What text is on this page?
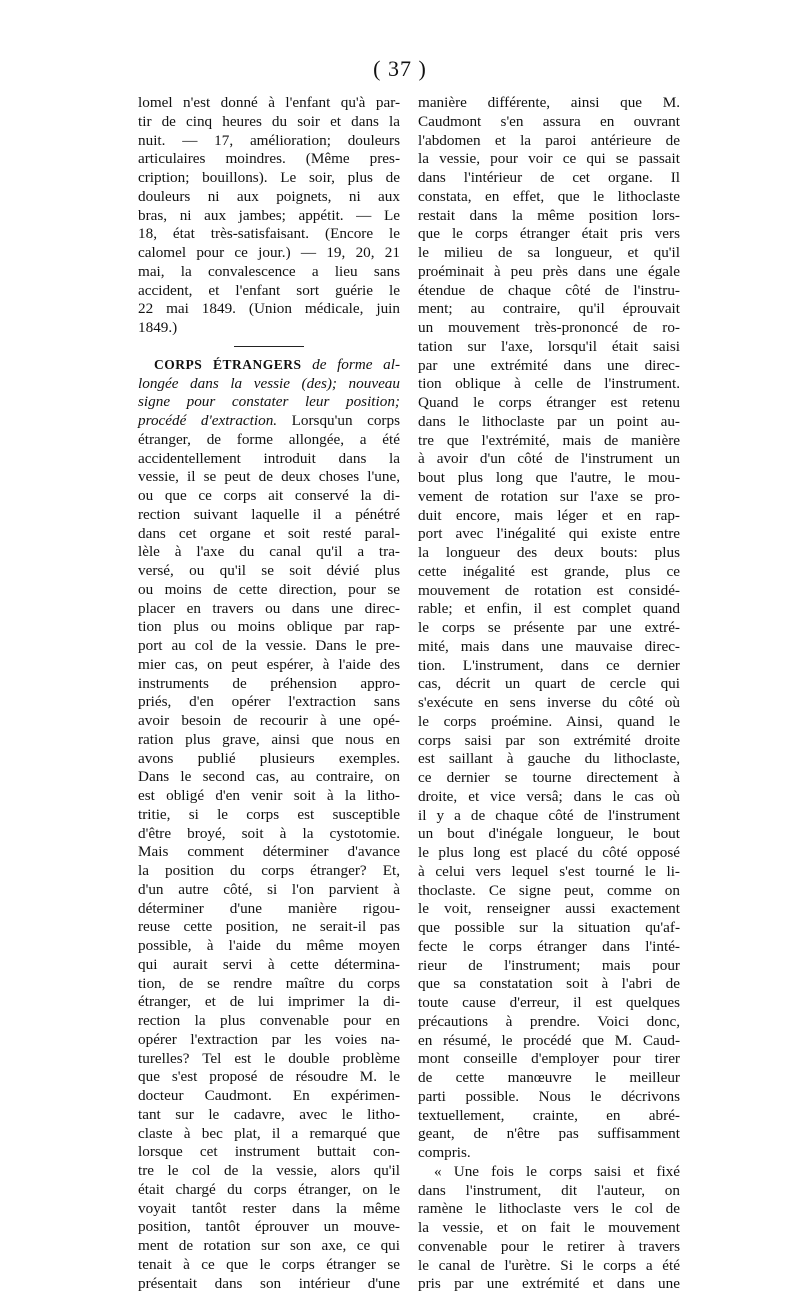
( 37 )
lomel n'est donné à l'enfant qu'à par-
tir de cinq heures du soir et dans la
nuit. — 17, amélioration; douleurs
articulaires moindres. (Même pres-
cription; bouillons). Le soir, plus de
douleurs ni aux poignets, ni aux
bras, ni aux jambes; appétit. — Le
18, état très-satisfaisant. (Encore le
calomel pour ce jour.) — 19, 20, 21
mai, la convalescence a lieu sans
accident, et l'enfant sort guérie le
22 mai 1849. (Union médicale, juin
1849.)
CORPS ÉTRANGERS de forme al-
longée dans la vessie (des); nouveau
signe pour constater leur position;
procédé d'extraction. Lorsqu'un corps
étranger, de forme allongée, a été
accidentellement introduit dans la
vessie, il se peut de deux choses l'une,
ou que ce corps ait conservé la di-
rection suivant laquelle il a pénétré
dans cet organe et soit resté paral-
lèle à l'axe du canal qu'il a tra-
versé, ou qu'il se soit dévié plus
ou moins de cette direction, pour se
placer en travers ou dans une direc-
tion plus ou moins oblique par rap-
port au col de la vessie. Dans le pre-
mier cas, on peut espérer, à l'aide des
instruments de préhension appro-
priés, d'en opérer l'extraction sans
avoir besoin de recourir à une opé-
ration plus grave, ainsi que nous en
avons publié plusieurs exemples.
Dans le second cas, au contraire, on
est obligé d'en venir soit à la litho-
tritie, si le corps est susceptible
d'être broyé, soit à la cystotomie.
Mais comment déterminer d'avance
la position du corps étranger? Et,
d'un autre côté, si l'on parvient à
déterminer d'une manière rigou-
reuse cette position, ne serait-il pas
possible, à l'aide du même moyen
qui aurait servi à cette détermina-
tion, de se rendre maître du corps
étranger, et de lui imprimer la di-
rection la plus convenable pour en
opérer l'extraction par les voies na-
turelles? Tel est le double problème
que s'est proposé de résoudre M. le
docteur Caudmont. En expérimen-
tant sur le cadavre, avec le litho-
claste à bec plat, il a remarqué que
lorsque cet instrument buttait con-
tre le col de la vessie, alors qu'il
était chargé du corps étranger, on le
voyait tantôt rester dans la même
position, tantôt éprouver un mouve-
ment de rotation sur son axe, ce qui
tenait à ce que le corps étranger se
présentait dans son intérieur d'une
manière différente, ainsi que M.
Caudmont s'en assura en ouvrant
l'abdomen et la paroi antérieure de
la vessie, pour voir ce qui se passait
dans l'intérieur de cet organe. Il
constata, en effet, que le lithoclaste
restait dans la même position lors-
que le corps étranger était pris vers
le milieu de sa longueur, et qu'il
proéminait à peu près dans une égale
étendue de chaque côté de l'instru-
ment; au contraire, qu'il éprouvait
un mouvement très-prononcé de ro-
tation sur l'axe, lorsqu'il était saisi
par une extrémité dans une direc-
tion oblique à celle de l'instrument.
Quand le corps étranger est retenu
dans le lithoclaste par un point au-
tre que l'extrémité, mais de manière
à avoir d'un côté de l'instrument un
bout plus long que l'autre, le mou-
vement de rotation sur l'axe se pro-
duit encore, mais léger et en rap-
port avec l'inégalité qui existe entre
la longueur des deux bouts: plus
cette inégalité est grande, plus ce
mouvement de rotation est considé-
rable; et enfin, il est complet quand
le corps se présente par une extré-
mité, mais dans une mauvaise direc-
tion. L'instrument, dans ce dernier
cas, décrit un quart de cercle qui
s'exécute en sens inverse du côté où
le corps proémine. Ainsi, quand le
corps saisi par son extrémité droite
est saillant à gauche du lithoclaste,
ce dernier se tourne directement à
droite, et vice versâ; dans le cas où
il y a de chaque côté de l'instrument
un bout d'inégale longueur, le bout
le plus long est placé du côté opposé
à celui vers lequel s'est tourné le li-
thoclaste. Ce signe peut, comme on
le voit, renseigner aussi exactement
que possible sur la situation qu'af-
fecte le corps étranger dans l'inté-
rieur de l'instrument; mais pour
que sa constatation soit à l'abri de
toute cause d'erreur, il est quelques
précautions à prendre. Voici donc,
en résumé, le procédé que M. Caud-
mont conseille d'employer pour tirer
de cette manœuvre le meilleur
parti possible. Nous le décrivons
textuellement, crainte, en abré-
geant, de n'être pas suffisamment
compris.
« Une fois le corps saisi et fixé
dans l'instrument, dit l'auteur, on
ramène le lithoclaste vers le col de
la vessie, et on fait le mouvement
convenable pour le retirer à travers
le canal de l'urètre. Si le corps a été
pris par une extrémité et dans une
